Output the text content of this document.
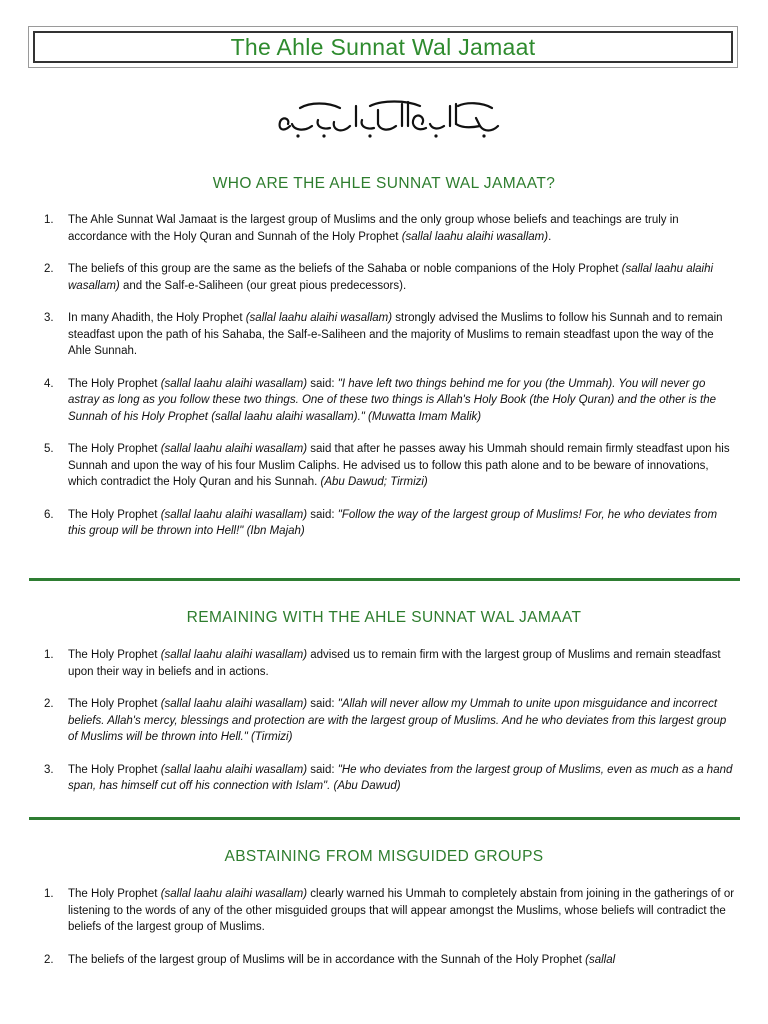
The Ahle Sunnat Wal Jamaat
بسم الله الرحمن الرحيم
WHO ARE THE AHLE SUNNAT WAL JAMAAT?
1. The Ahle Sunnat Wal Jamaat is the largest group of Muslims and the only group whose beliefs and teachings are truly in accordance with the Holy Quran and Sunnah of the Holy Prophet (sallal laahu alaihi wasallam).
2. The beliefs of this group are the same as the beliefs of the Sahaba or noble companions of the Holy Prophet (sallal laahu alaihi wasallam) and the Salf-e-Saliheen (our great pious predecessors).
3. In many Ahadith, the Holy Prophet (sallal laahu alaihi wasallam) strongly advised the Muslims to follow his Sunnah and to remain steadfast upon the path of his Sahaba, the Salf-e-Saliheen and the majority of Muslims to remain steadfast upon the way of the Ahle Sunnah.
4. The Holy Prophet (sallal laahu alaihi wasallam) said: "I have left two things behind me for you (the Ummah). You will never go astray as long as you follow these two things. One of these two things is Allah's Holy Book (the Holy Quran) and the other is the Sunnah of his Holy Prophet (sallal laahu alaihi wasallam)." (Muwatta Imam Malik)
5. The Holy Prophet (sallal laahu alaihi wasallam) said that after he passes away his Ummah should remain firmly steadfast upon his Sunnah and upon the way of his four Muslim Caliphs. He advised us to follow this path alone and to be beware of innovations, which contradict the Holy Quran and his Sunnah. (Abu Dawud; Tirmizi)
6. The Holy Prophet (sallal laahu alaihi wasallam) said: "Follow the way of the largest group of Muslims! For, he who deviates from this group will be thrown into Hell!" (Ibn Majah)
REMAINING WITH THE AHLE SUNNAT WAL JAMAAT
1. The Holy Prophet (sallal laahu alaihi wasallam) advised us to remain firm with the largest group of Muslims and remain steadfast upon their way in beliefs and in actions.
2. The Holy Prophet (sallal laahu alaihi wasallam) said: "Allah will never allow my Ummah to unite upon misguidance and incorrect beliefs. Allah's mercy, blessings and protection are with the largest group of Muslims. And he who deviates from this largest group of Muslims will be thrown into Hell." (Tirmizi)
3. The Holy Prophet (sallal laahu alaihi wasallam) said: "He who deviates from the largest group of Muslims, even as much as a hand span, has himself cut off his connection with Islam". (Abu Dawud)
ABSTAINING FROM MISGUIDED GROUPS
1. The Holy Prophet (sallal laahu alaihi wasallam) clearly warned his Ummah to completely abstain from joining in the gatherings of or listening to the words of any of the other misguided groups that will appear amongst the Muslims, whose beliefs will contradict the beliefs of the largest group of Muslims.
2. The beliefs of the largest group of Muslims will be in accordance with the Sunnah of the Holy Prophet (sallal
